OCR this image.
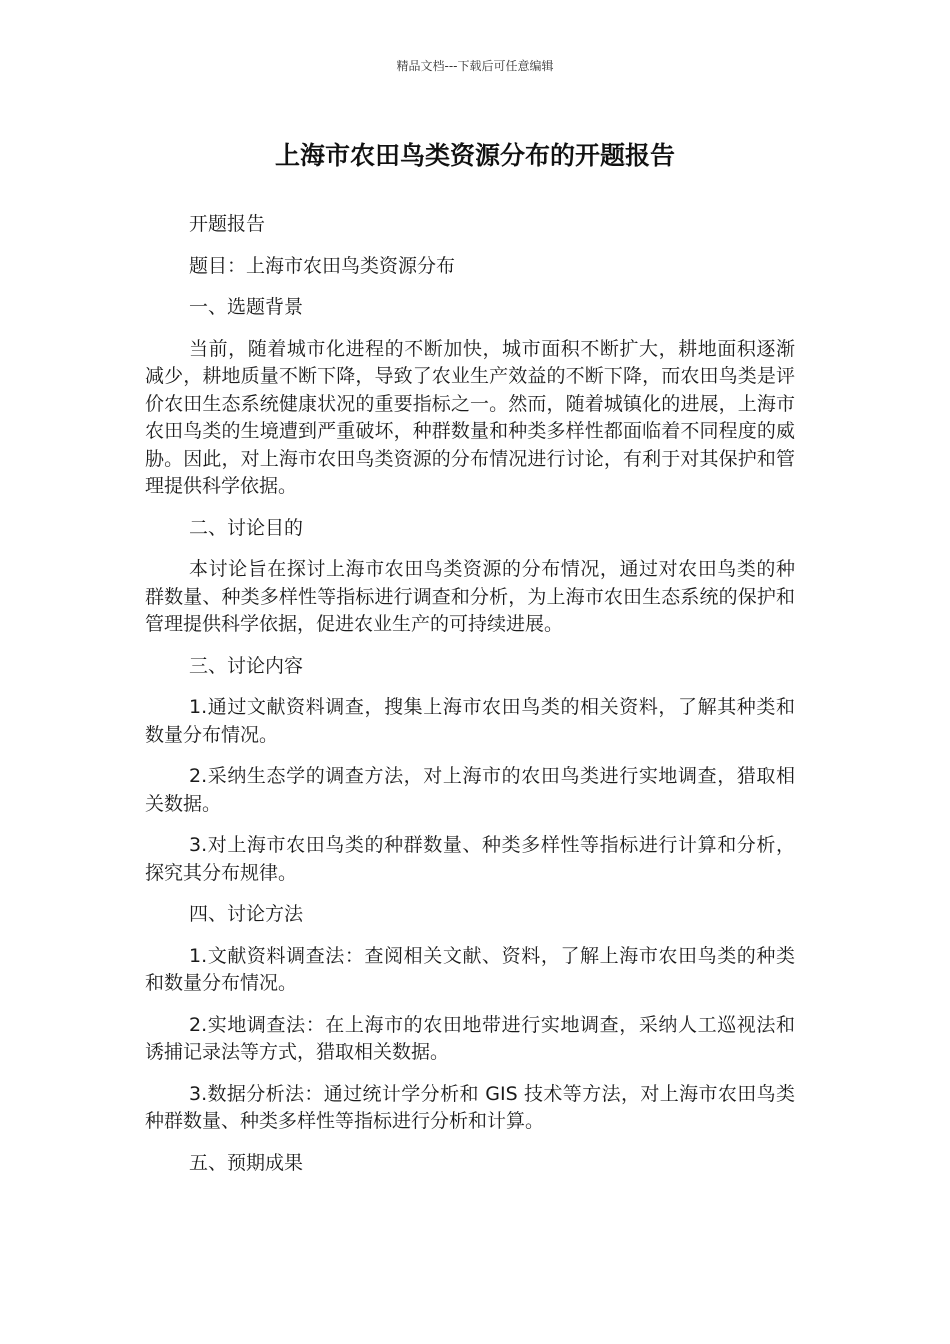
精品文档---下载后可任意编辑
上海市农田鸟类资源分布的开题报告

开题报告

题目：上海市农田鸟类资源分布

一、选题背景

当前，随着城市化进程的不断加快，城市面积不断扩大，耕地面积逐渐减少，耕地质量不断下降，导致了农业生产效益的不断下降，而农田鸟类是评价农田生态系统健康状况的重要指标之一。然而，随着城镇化的进展，上海市农田鸟类的生境遭到严重破坏，种群数量和种类多样性都面临着不同程度的威胁。因此，对上海市农田鸟类资源的分布情况进行讨论，有利于对其保护和管理提供科学依据。

二、讨论目的

本讨论旨在探讨上海市农田鸟类资源的分布情况，通过对农田鸟类的种群数量、种类多样性等指标进行调查和分析，为上海市农田生态系统的保护和管理提供科学依据，促进农业生产的可持续进展。

三、讨论内容

1.通过文献资料调查，搜集上海市农田鸟类的相关资料，了解其种类和数量分布情况。

2.采纳生态学的调查方法，对上海市的农田鸟类进行实地调查，猎取相关数据。

3.对上海市农田鸟类的种群数量、种类多样性等指标进行计算和分析，探究其分布规律。

四、讨论方法

1.文献资料调查法：查阅相关文献、资料，了解上海市农田鸟类的种类和数量分布情况。

2.实地调查法：在上海市的农田地带进行实地调查，采纳人工巡视法和诱捕记录法等方式，猎取相关数据。

3.数据分析法：通过统计学分析和 GIS 技术等方法，对上海市农田鸟类种群数量、种类多样性等指标进行分析和计算。

五、预期成果
